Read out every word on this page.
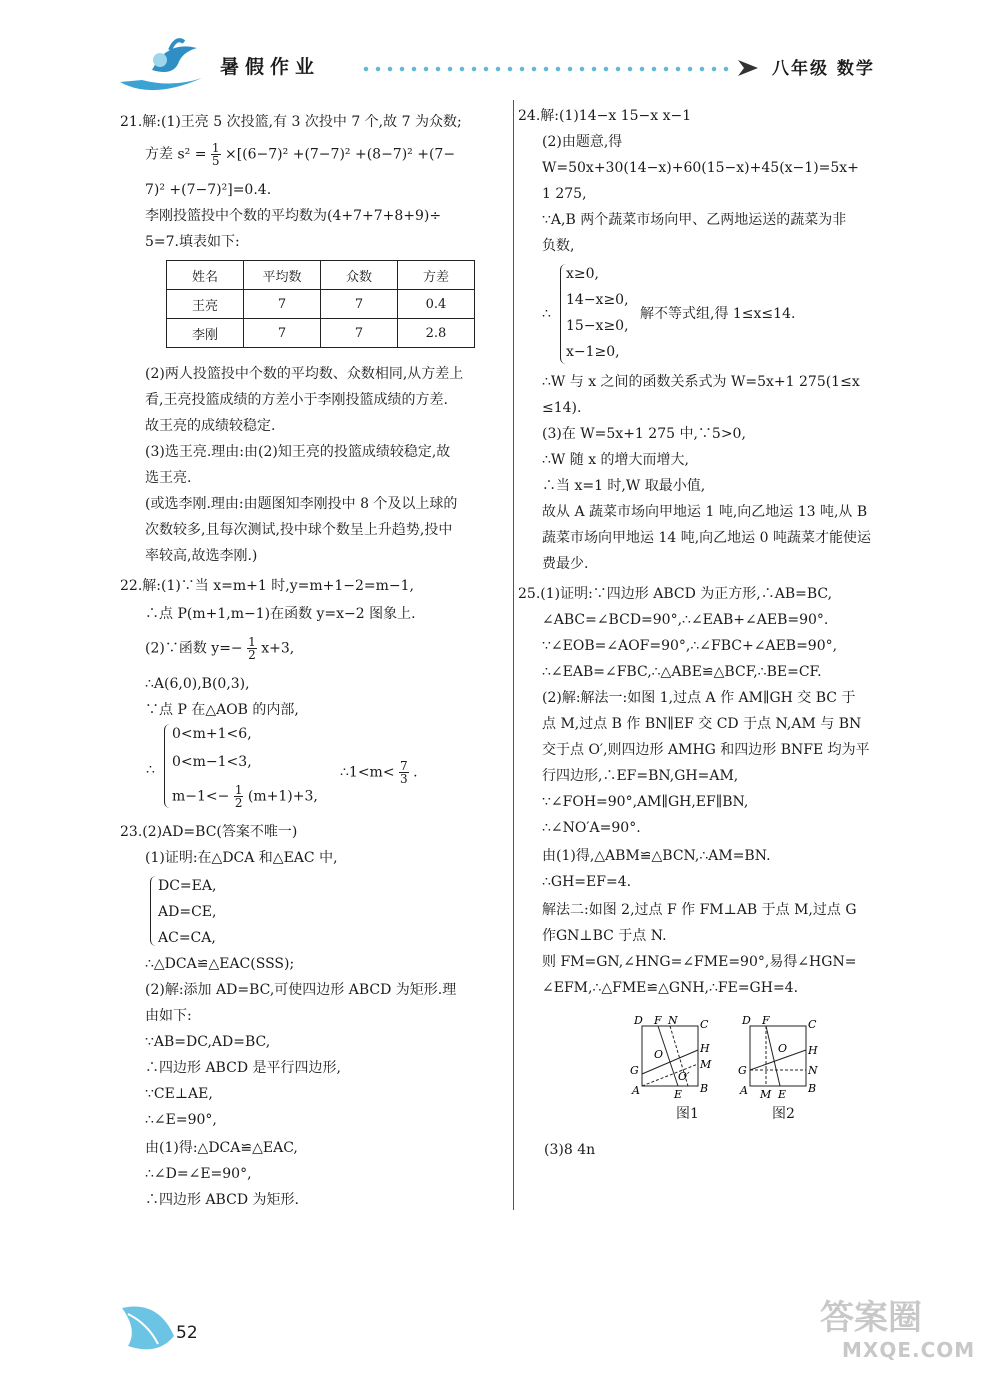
暑假作业	八年级 数学
21.解:(1)王亮 5 次投篮,有 3 次投中 7 个,故 7 为众数;
方差 $s^2 = \frac{1}{5} \times[(6-7)^2 +(7-7)^2 +(8-7)^2 +(7-$
7)² +(7−7)²]=0.4.
李刚投篮投中个数的平均数为(4+7+7+8+9)÷
5=7.填表如下:
姓名	平均数	众数	方差
王亮	7	7	0.4
李刚	7	7	2.8
(2)两人投篮投中个数的平均数、众数相同,从方差上
看,王亮投篮成绩的方差小于李刚投篮成绩的方差.
故王亮的成绩较稳定.
(3)选王亮.理由:由(2)知王亮的投篮成绩较稳定,故
选王亮.
(或选李刚.理由:由题图知李刚投中 8 个及以上球的
次数较多,且每次测试,投中球个数呈上升趋势,投中
率较高,故选李刚.)
22.解:(1)∵当 x=m+1 时,y=m+1−2=m−1,
∴点 P(m+1,m−1)在函数 y=x−2 图象上.
(2)∵函数 $y=- \frac{1}{2} x+3$,
∴A(6,0),B(0,3),
∵点 P 在△AOB 的内部,
∴
0<m+1<6,
0<m−1<3,
$m-1<- \frac{1}{2} (m+1)+3$,
∴1<m< $\frac{7}{3}$ .
23.(2)AD=BC(答案不唯一)
(1)证明:在△DCA 和△EAC 中,
DC=EA,
AD=CE,
AC=CA,
∴△DCA≌△EAC(SSS);
(2)解:添加 AD=BC,可使四边形 ABCD 为矩形.理
由如下:
∵AB=DC,AD=BC,
∴四边形 ABCD 是平行四边形,
∵CE⊥AE,
∴∠E=90°,
由(1)得:△DCA≌△EAC,
∴∠D=∠E=90°,
∴四边形 ABCD 为矩形.
24.解:(1)14−x 15−x x−1
(2)由题意,得
W=50x+30(14−x)+60(15−x)+45(x−1)=5x+
1 275,
∵A,B 两个蔬菜市场向甲、乙两地运送的蔬菜为非
负数,
∴
x≥0,
14−x≥0,
15−x≥0,
x−1≥0,
解不等式组,得 1≤x≤14.
∴W 与 x 之间的函数关系式为 W=5x+1 275(1≤x
≤14).
(3)在 W=5x+1 275 中,∵5>0,
∴W 随 x 的增大而增大,
∴当 x=1 时,W 取最小值,
故从 A 蔬菜市场向甲地运 1 吨,向乙地运 13 吨,从 B
蔬菜市场向甲地运 14 吨,向乙地运 0 吨蔬菜才能使运
费最少.
25.(1)证明:∵四边形 ABCD 为正方形,∴AB=BC,
∠ABC=∠BCD=90°,∴∠EAB+∠AEB=90°.
∵∠EOB=∠AOF=90°,∴∠FBC+∠AEB=90°,
∴∠EAB=∠FBC,∴△ABE≌△BCF,∴BE=CF.
(2)解:解法一:如图 1,过点 A 作 AM∥GH 交 BC 于
点 M,过点 B 作 BN∥EF 交 CD 于点 N,AM 与 BN
交于点 O′,则四边形 AMHG 和四边形 BNFE 均为平
行四边形,∴EF=BN,GH=AM,
∵∠FOH=90°,AM∥GH,EF∥BN,
∴∠NO′A=90°.
由(1)得,△ABM≌△BCN,∴AM=BN.
∴GH=EF=4.
解法二:如图 2,过点 F 作 FM⊥AB 于点 M,过点 G
作GN⊥BC 于点 N.
则 FM=GN,∠HNG=∠FME=90°,易得∠HGN=
∠EFM,∴△FME≌△GNH,∴FE=GH=4.
D F N C
H
M
G
O
O′
A	E B
图1
D F	C
H
O
G	N
A M E B
图2
(3)8 4n
52	答案圈
MXQE.COM
